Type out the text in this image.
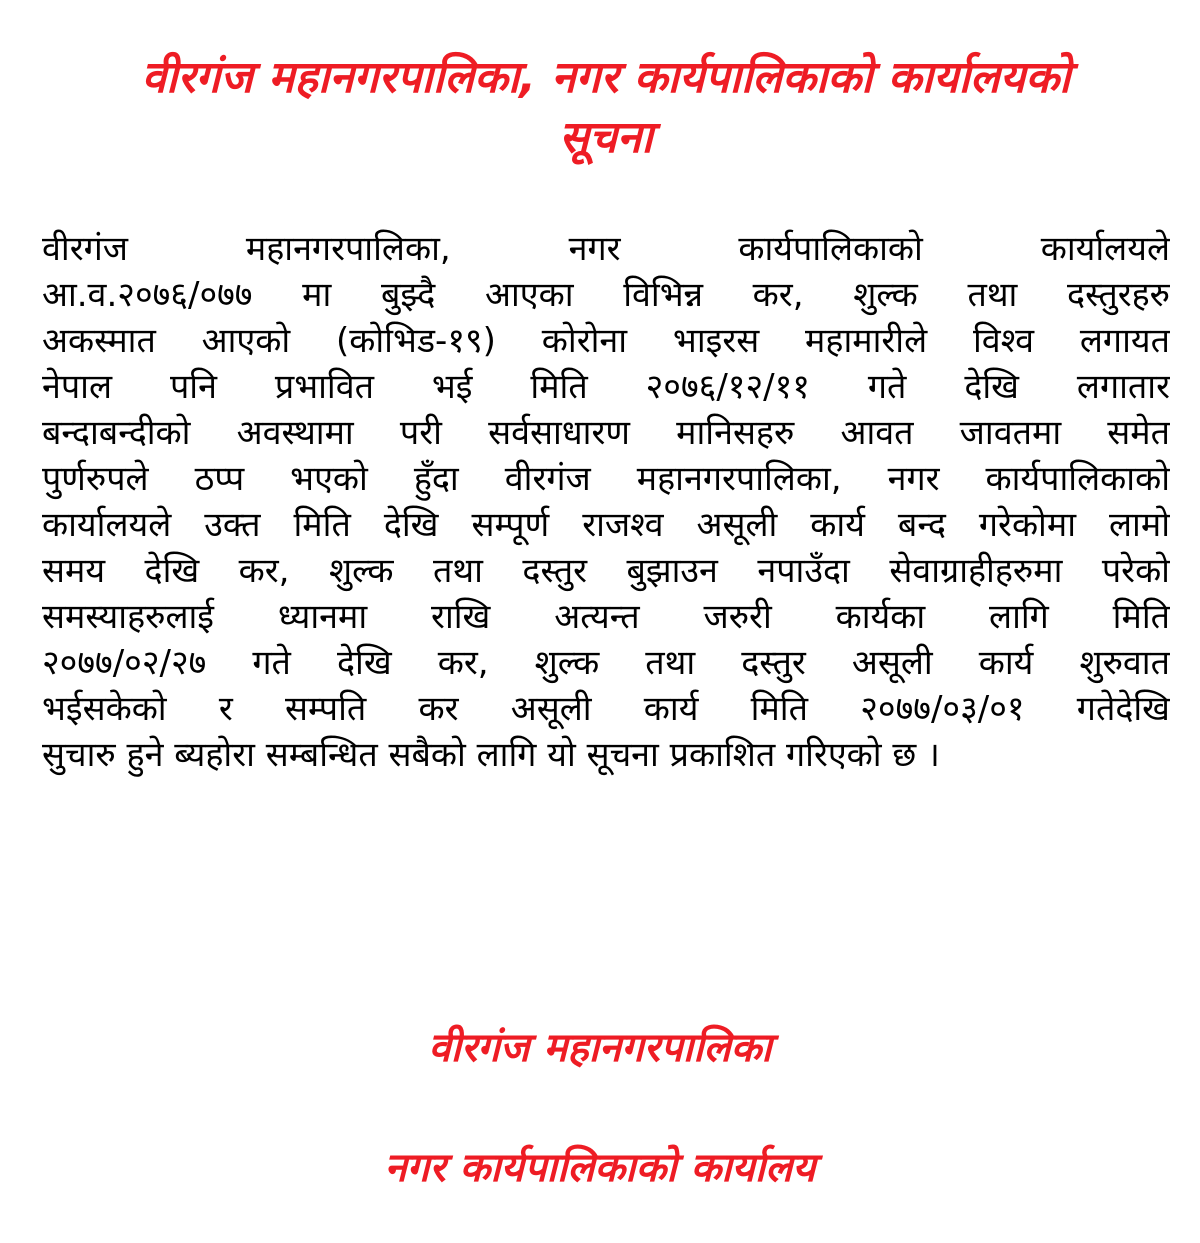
वीरगंज महानगरपालिका, नगर कार्यपालिकाको कार्यालयको
सूचना
वीरगंज महानगरपालिका, नगर कार्यपालिकाको कार्यालयले
आ.व.२०७६/०७७ मा बुझ्दै आएका विभिन्न कर, शुल्क तथा दस्तुरहरु
अकस्मात आएको (कोभिड-१९) कोरोना भाइरस महामारीले विश्व लगायत
नेपाल पनि प्रभावित भई मिति २०७६/१२/११ गते देखि लगातार
बन्दाबन्दीको अवस्थामा परी सर्वसाधारण मानिसहरु आवत जावतमा समेत
पुर्णरुपले ठप्प भएको हुँदा वीरगंज महानगरपालिका, नगर कार्यपालिकाको
कार्यालयले उक्त मिति देखि सम्पूर्ण राजश्व असूली कार्य बन्द गरेकोमा लामो
समय देखि कर, शुल्क तथा दस्तुर बुझाउन नपाउँदा सेवाग्राहीहरुमा परेको
समस्याहरुलाई ध्यानमा राखि अत्यन्त जरुरी कार्यका लागि मिति
२०७७/०२/२७ गते देखि कर, शुल्क तथा दस्तुर असूली कार्य शुरुवात
भईसकेको र सम्पति कर असूली कार्य मिति २०७७/०३/०१ गतेदेखि
सुचारु हुने ब्यहोरा सम्बन्धित सबैको लागि यो सूचना प्रकाशित गरिएको छ ।
वीरगंज महानगरपालिका
नगर कार्यपालिकाको कार्यालय
